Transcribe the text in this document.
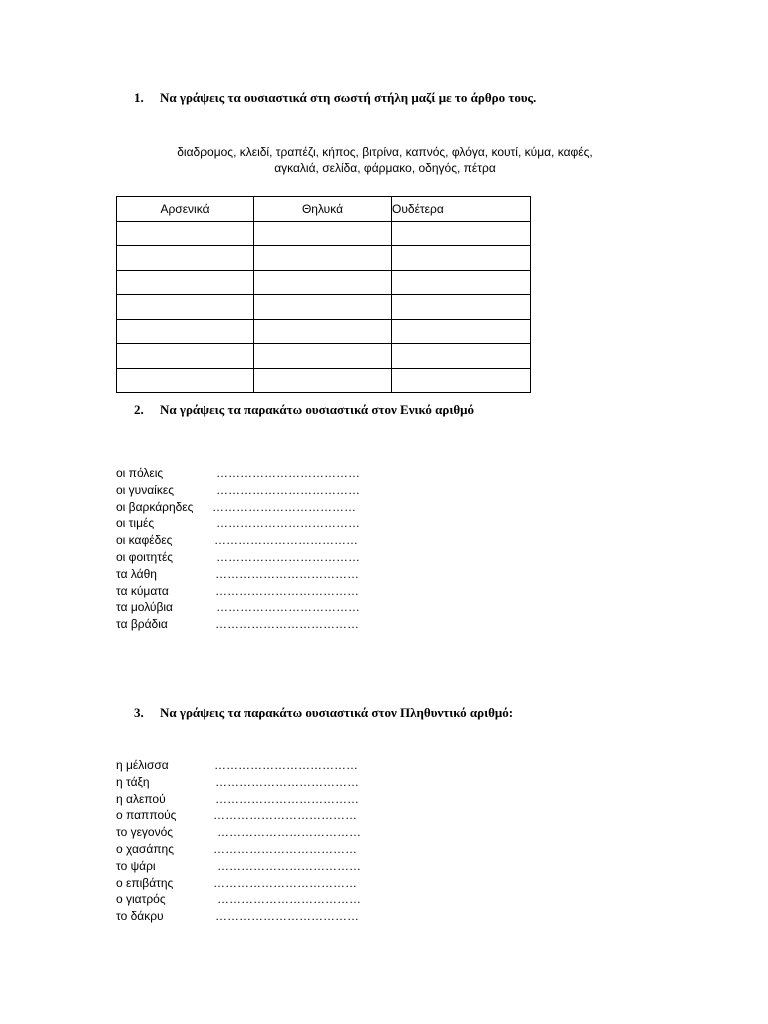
1. Να γράψεις τα ουσιαστικά στη σωστή στήλη μαζί με το άρθρο τους.
διαδρομος, κλειδί, τραπέζι, κήπος, βιτρίνα, καπνός, φλόγα, κουτί, κύμα, καφές,
αγκαλιά, σελίδα, φάρμακο, οδηγός, πέτρα
Αρσενικά	Θηλυκά	Ουδέτερα

2. Να γράψεις τα παρακάτω ουσιαστικά στον Ενικό αριθμό
οι πόλεις	………………………………
οι γυναίκες	………………………………
οι βαρκάρηδες ………………………………
οι τιμές	………………………………
οι καφέδες	………………………………
οι φοιτητές	………………………………
τα λάθη	………………………………
τα κύματα	………………………………
τα μολύβια	………………………………
τα βράδια	………………………………
3. Να γράψεις τα παρακάτω ουσιαστικά στον Πληθυντικό αριθμό:
η μέλισσα	………………………………
η τάξη	………………………………
η αλεπού	………………………………
ο παππούς	………………………………
το γεγονός	………………………………
ο χασάπης	………………………………
το ψάρι	………………………………
ο επιβάτης	………………………………
ο γιατρός	………………………………
το δάκρυ	………………………………
